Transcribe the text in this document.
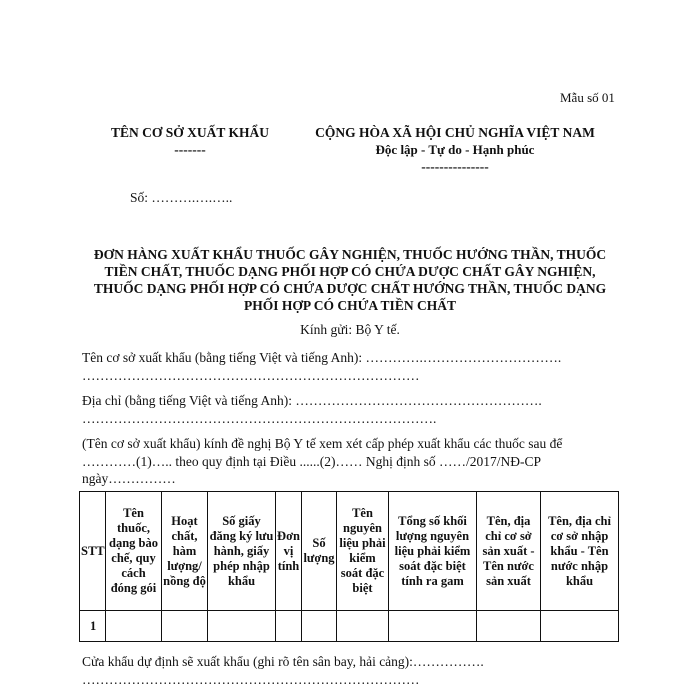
Mẫu số 01
TÊN CƠ SỞ XUẤT KHẨU
-------
CỘNG HÒA XÃ HỘI CHỦ NGHĨA VIỆT NAM
Độc lập - Tự do - Hạnh phúc
---------------
Số: ……….….…..
ĐƠN HÀNG XUẤT KHẨU THUỐC GÂY NGHIỆN, THUỐC HƯỚNG THẦN, THUỐC
TIỀN CHẤT, THUỐC DẠNG PHỐI HỢP CÓ CHỨA DƯỢC CHẤT GÂY NGHIỆN,
THUỐC DẠNG PHỐI HỢP CÓ CHỨA DƯỢC CHẤT HƯỚNG THẦN, THUỐC DẠNG
PHỐI HỢP CÓ CHỨA TIỀN CHẤT
Kính gửi: Bộ Y tế.
Tên cơ sở xuất khẩu (bằng tiếng Việt và tiếng Anh): ………….………………………….
…………………………………………………………………
Địa chỉ (bằng tiếng Việt và tiếng Anh): ……………………………………………….
…………………………………………………………………….
(Tên cơ sở xuất khẩu) kính đề nghị Bộ Y tế xem xét cấp phép xuất khẩu các thuốc sau để
…………(1)….. theo quy định tại Điều ......(2)…… Nghị định số ……/2017/NĐ-CP
ngày……………
STT	Tên thuốc, dạng bào chế, quy cách đóng gói	Hoạt chất, hàm lượng/ nồng độ	Số giấy đăng ký lưu hành, giấy phép nhập khẩu	Đơn vị tính	Số lượng	Tên nguyên liệu phải kiểm soát đặc biệt	Tổng số khối lượng nguyên liệu phải kiểm soát đặc biệt tính ra gam	Tên, địa chỉ cơ sở sản xuất - Tên nước sản xuất	Tên, địa chỉ cơ sở nhập khẩu - Tên nước nhập khẩu
1									
Cửa khẩu dự định sẽ xuất khẩu (ghi rõ tên sân bay, hải cảng):…………….
…………………………………………………………………
